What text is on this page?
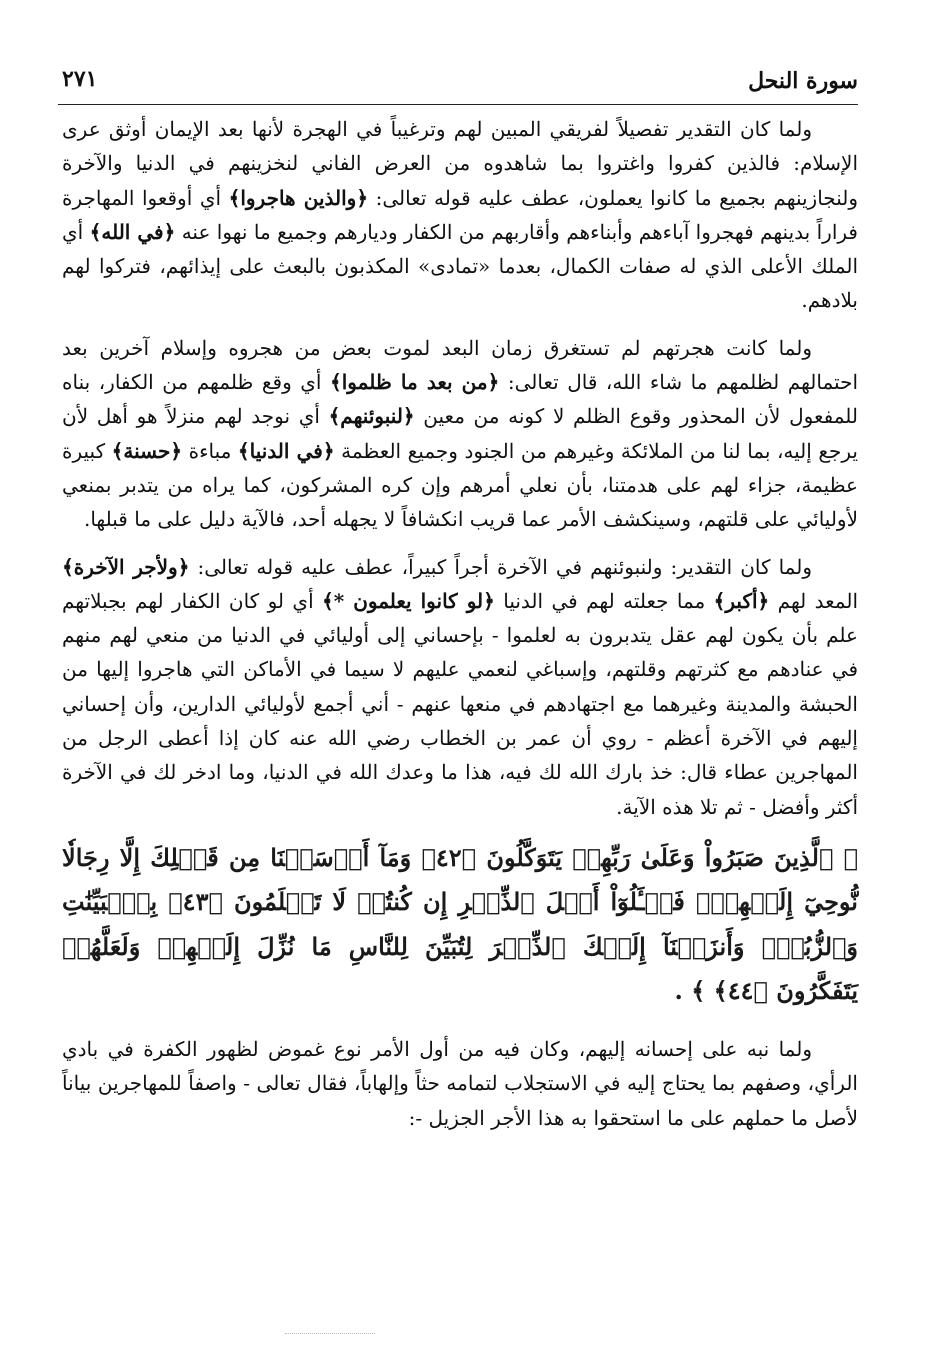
سورة النحل
٢٧١

ولما كان التقدير تفصيلاً لفريقي المبين لهم وترغيباً في الهجرة لأنها بعد الإيمان أوثق عرى الإسلام: فالذين كفروا واغتروا بما شاهدوه من العرض الفاني لنخزينهم في الدنيا والآخرة ولنجازينهم بجميع ما كانوا يعملون، عطف عليه قوله تعالى: ﴿والذين هاجروا﴾ أي أوقعوا المهاجرة فراراً بدينهم فهجروا آباءهم وأبناءهم وأقاربهم من الكفار وديارهم وجميع ما نهوا عنه ﴿في الله﴾ أي الملك الأعلى الذي له صفات الكمال، بعدما «تمادى» المكذبون بالبعث على إيذائهم، فتركوا لهم بلادهم.

ولما كانت هجرتهم لم تستغرق زمان البعد لموت بعض من هجروه وإسلام آخرين بعد احتمالهم لظلمهم ما شاء الله، قال تعالى: ﴿من بعد ما ظلموا﴾ أي وقع ظلمهم من الكفار، بناه للمفعول لأن المحذور وقوع الظلم لا كونه من معين ﴿لنبوئنهم﴾ أي نوجد لهم منزلاً هو أهل لأن يرجع إليه، بما لنا من الملائكة وغيرهم من الجنود وجميع العظمة ﴿في الدنيا﴾ مباءة ﴿حسنة﴾ كبيرة عظيمة، جزاء لهم على هدمتنا، بأن نعلي أمرهم وإن كره المشركون، كما يراه من يتدبر بمنعي لأوليائي على قلتهم، وسينكشف الأمر عما قريب انكشافاً لا يجهله أحد، فالآية دليل على ما قبلها.

ولما كان التقدير: ولنبوئنهم في الآخرة أجراً كبيراً، عطف عليه قوله تعالى: ﴿ولأجر الآخرة﴾ المعد لهم ﴿أكبر﴾ مما جعلته لهم في الدنيا ﴿لو كانوا يعلمون *﴾ أي لو كان الكفار لهم بجبلاتهم علم بأن يكون لهم عقل يتدبرون به لعلموا - بإحساني إلى أوليائي في الدنيا من منعي لهم منهم في عنادهم مع كثرتهم وقلتهم، وإسباغي لنعمي عليهم لا سيما في الأماكن التي هاجروا إليها من الحبشة والمدينة وغيرهما مع اجتهادهم في منعها عنهم - أني أجمع لأوليائي الدارين، وأن إحساني إليهم في الآخرة أعظم - روي أن عمر بن الخطاب رضي الله عنه كان إذا أعطى الرجل من المهاجرين عطاء قال: خذ بارك الله لك فيه، هذا ما وعدك الله في الدنيا، وما ادخر لك في الآخرة أكثر وأفضل - ثم تلا هذه الآية.

﴿ ٱلَّذِينَ صَبَرُواْ وَعَلَىٰ رَبِّهِمۡ يَتَوَكَّلُونَ ﴿٤٢﴾ وَمَآ أَرۡسَلۡنَا مِن قَبۡلِكَ إِلَّا رِجَالٗا نُّوحِيٓ إِلَيۡهِمۡۖ فَسۡـَٔلُوٓاْ أَهۡلَ ٱلذِّكۡرِ إِن كُنتُمۡ لَا تَعۡلَمُونَ ﴿٤٣﴾ بِٱلۡبَيِّنَٰتِ وَٱلزُّبُرِۗ وَأَنزَلۡنَآ إِلَيۡكَ ٱلذِّكۡرَ لِتُبَيِّنَ لِلنَّاسِ مَا نُزِّلَ إِلَيۡهِمۡ وَلَعَلَّهُمۡ يَتَفَكَّرُونَ ﴿٤٤﴾ ﴾ .

ولما نبه على إحسانه إليهم، وكان فيه من أول الأمر نوع غموض لظهور الكفرة في بادي الرأي، وصفهم بما يحتاج إليه في الاستجلاب لتمامه حثاً وإلهاباً، فقال تعالى - واصفاً للمهاجرين بياناً لأصل ما حملهم على ما استحقوا به هذا الأجر الجزيل -:
